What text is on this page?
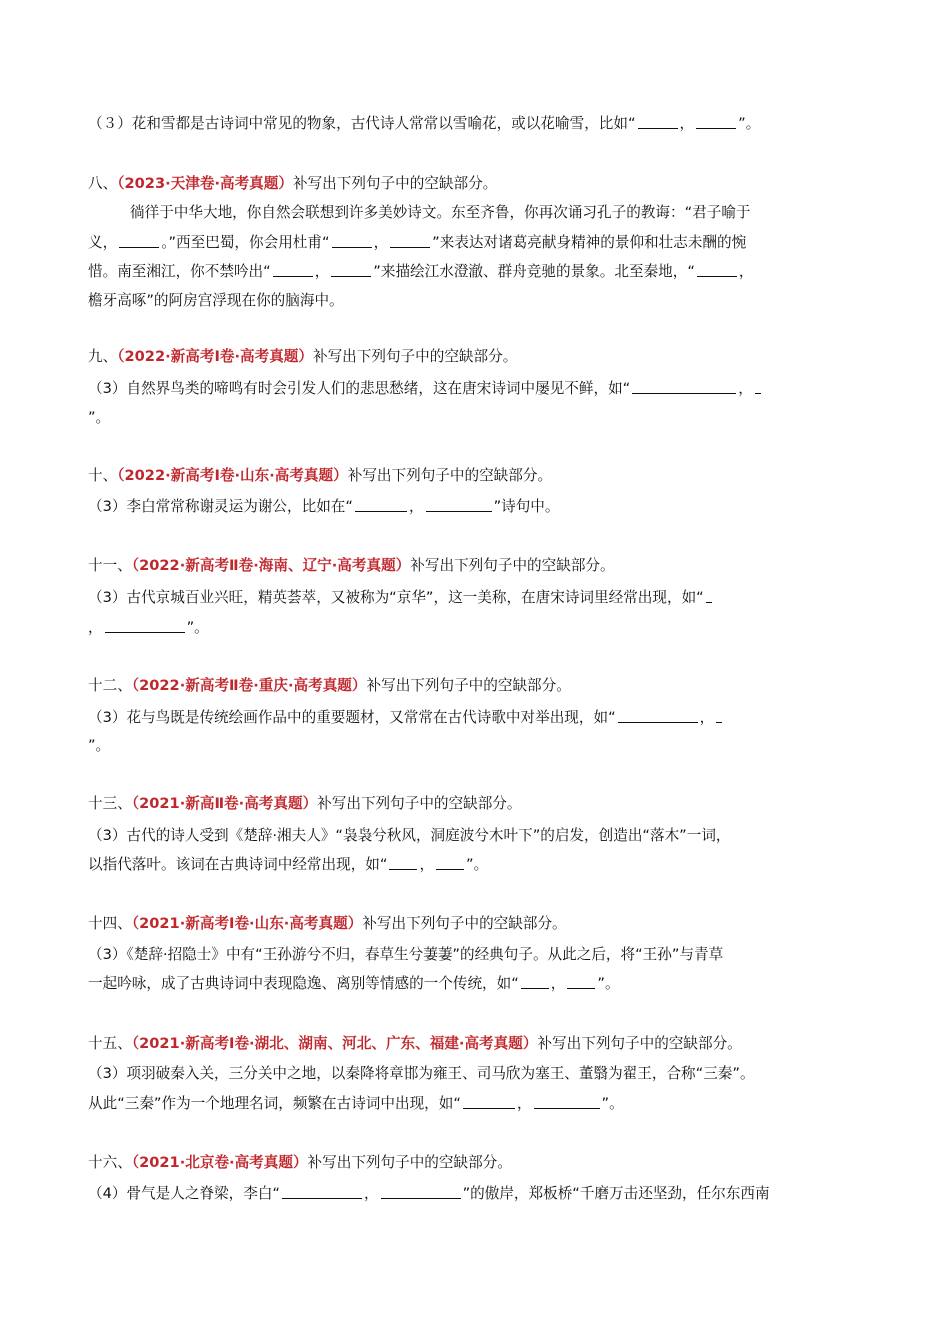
（３）花和雪都是古诗词中常见的物象，古代诗人常常以雪喻花，或以花喻雪，比如“	，	”。
八、（2023·天津卷·高考真题）补写出下列句子中的空缺部分。
徜徉于中华大地，你自然会联想到许多美妙诗文。东至齐鲁，你再次诵习孔子的教诲：“君子喻于
义，	。”西至巴蜀，你会用杜甫“	，	”来表达对诸葛亮献身精神的景仰和壮志未酬的惋
惜。南至湘江，你不禁吟出“	，	”来描绘江水澄澈、群舟竞驰的景象。北至秦地，“	，
檐牙高啄”的阿房宫浮现在你的脑海中。
九、（2022·新高考Ⅰ卷·高考真题）补写出下列句子中的空缺部分。
（3）自然界鸟类的啼鸣有时会引发人们的悲思愁绪，这在唐宋诗词中屡见不鲜，如“	，
”。
十、（2022·新高考Ⅰ卷·山东·高考真题）补写出下列句子中的空缺部分。
（3）李白常常称谢灵运为谢公，比如在“	，	”诗句中。
十一、（2022·新高考Ⅱ卷·海南、辽宁·高考真题）补写出下列句子中的空缺部分。
（3）古代京城百业兴旺，精英荟萃，又被称为“京华”，这一美称，在唐宋诗词里经常出现，如“
，	”。
十二、（2022·新高考Ⅱ卷·重庆·高考真题）补写出下列句子中的空缺部分。
（3）花与鸟既是传统绘画作品中的重要题材，又常常在古代诗歌中对举出现，如“	，
”。
十三、（2021·新高Ⅱ卷·高考真题）补写出下列句子中的空缺部分。
（3）古代的诗人受到《楚辞·湘夫人》“袅袅兮秋风，洞庭波兮木叶下”的启发，创造出“落木”一词，
以指代落叶。该词在古典诗词中经常出现，如“ ， ”。
十四、（2021·新高考Ⅰ卷·山东·高考真题）补写出下列句子中的空缺部分。
（3）《楚辞·招隐士》中有“王孙游兮不归，春草生兮萋萋”的经典句子。从此之后，将“王孙”与青草
一起吟咏，成了古典诗词中表现隐逸、离别等情感的一个传统，如“ ， ”。
十五、（2021·新高考Ⅰ卷·湖北、湖南、河北、广东、福建·高考真题）补写出下列句子中的空缺部分。
（3）项羽破秦入关，三分关中之地，以秦降将章邯为雍王、司马欣为塞王、董翳为翟王，合称“三秦”。
从此“三秦”作为一个地理名词，频繁在古诗词中出现，如“	，	”。
十六、（2021·北京卷·高考真题）补写出下列句子中的空缺部分。
（4）骨气是人之脊梁，李白“	，	”的傲岸，郑板桥“千磨万击还坚劲，任尔东西南
